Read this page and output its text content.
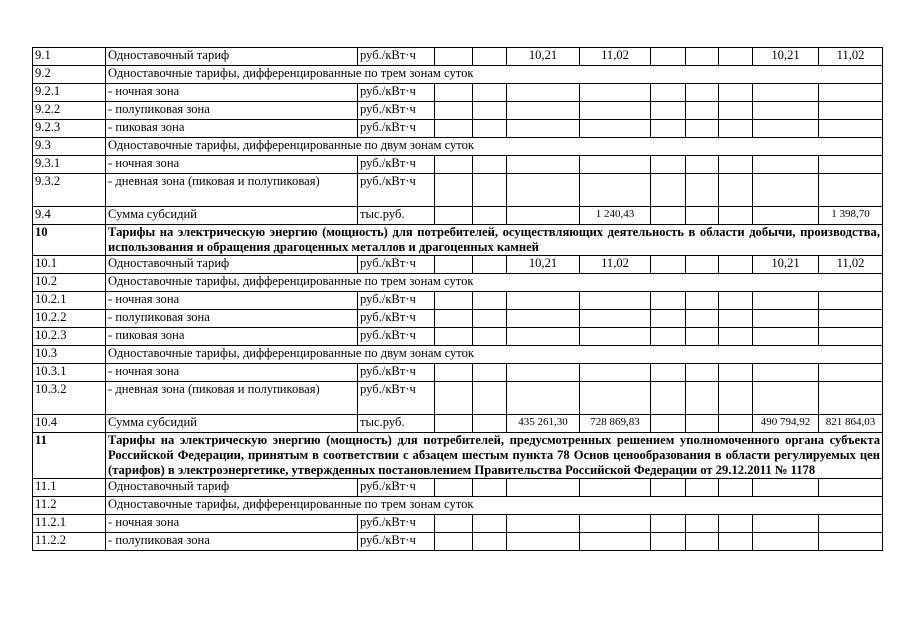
9.1	Одноставочный тариф	руб./кВт·ч			10,21	11,02				10,21	11,02
9.2	Одноставочные тарифы, дифференцированные по трем зонам суток										
9.2.1	- ночная зона	руб./кВт·ч									
9.2.2	- полупиковая зона	руб./кВт·ч									
9.2.3	- пиковая зона	руб./кВт·ч									
9.3	Одноставочные тарифы, дифференцированные по двум зонам суток										
9.3.1	- ночная зона	руб./кВт·ч									
9.3.2	- дневная зона (пиковая и полупиковая)	руб./кВт·ч									
9.4	Сумма субсидий	тыс.руб.				1 240,43					1 398,70
10	Тарифы на электрическую энергию (мощность) для потребителей, осуществляющих деятельность в области добычи, производства, использования и обращения драгоценных металлов и драгоценных камней										
10.1	Одноставочный тариф	руб./кВт·ч			10,21	11,02				10,21	11,02
10.2	Одноставочные тарифы, дифференцированные по трем зонам суток										
10.2.1	- ночная зона	руб./кВт·ч									
10.2.2	- полупиковая зона	руб./кВт·ч									
10.2.3	- пиковая зона	руб./кВт·ч									
10.3	Одноставочные тарифы, дифференцированные по двум зонам суток										
10.3.1	- ночная зона	руб./кВт·ч									
10.3.2	- дневная зона (пиковая и полупиковая)	руб./кВт·ч									
10.4	Сумма субсидий	тыс.руб.			435 261,30	728 869,83				490 794,92	821 864,03
11	Тарифы на электрическую энергию (мощность) для потребителей, предусмотренных решением уполномоченного органа субъекта Российской Федерации, принятым в соответствии с абзацем шестым пункта 78 Основ ценообразования в области регулируемых цен (тарифов) в электроэнергетике, утвержденных постановлением Правительства Российской Федерации от 29.12.2011 № 1178										
11.1	Одноставочный тариф	руб./кВт·ч									
11.2	Одноставочные тарифы, дифференцированные по трем зонам суток										
11.2.1	- ночная зона	руб./кВт·ч									
11.2.2	- полупиковая зона	руб./кВт·ч									
